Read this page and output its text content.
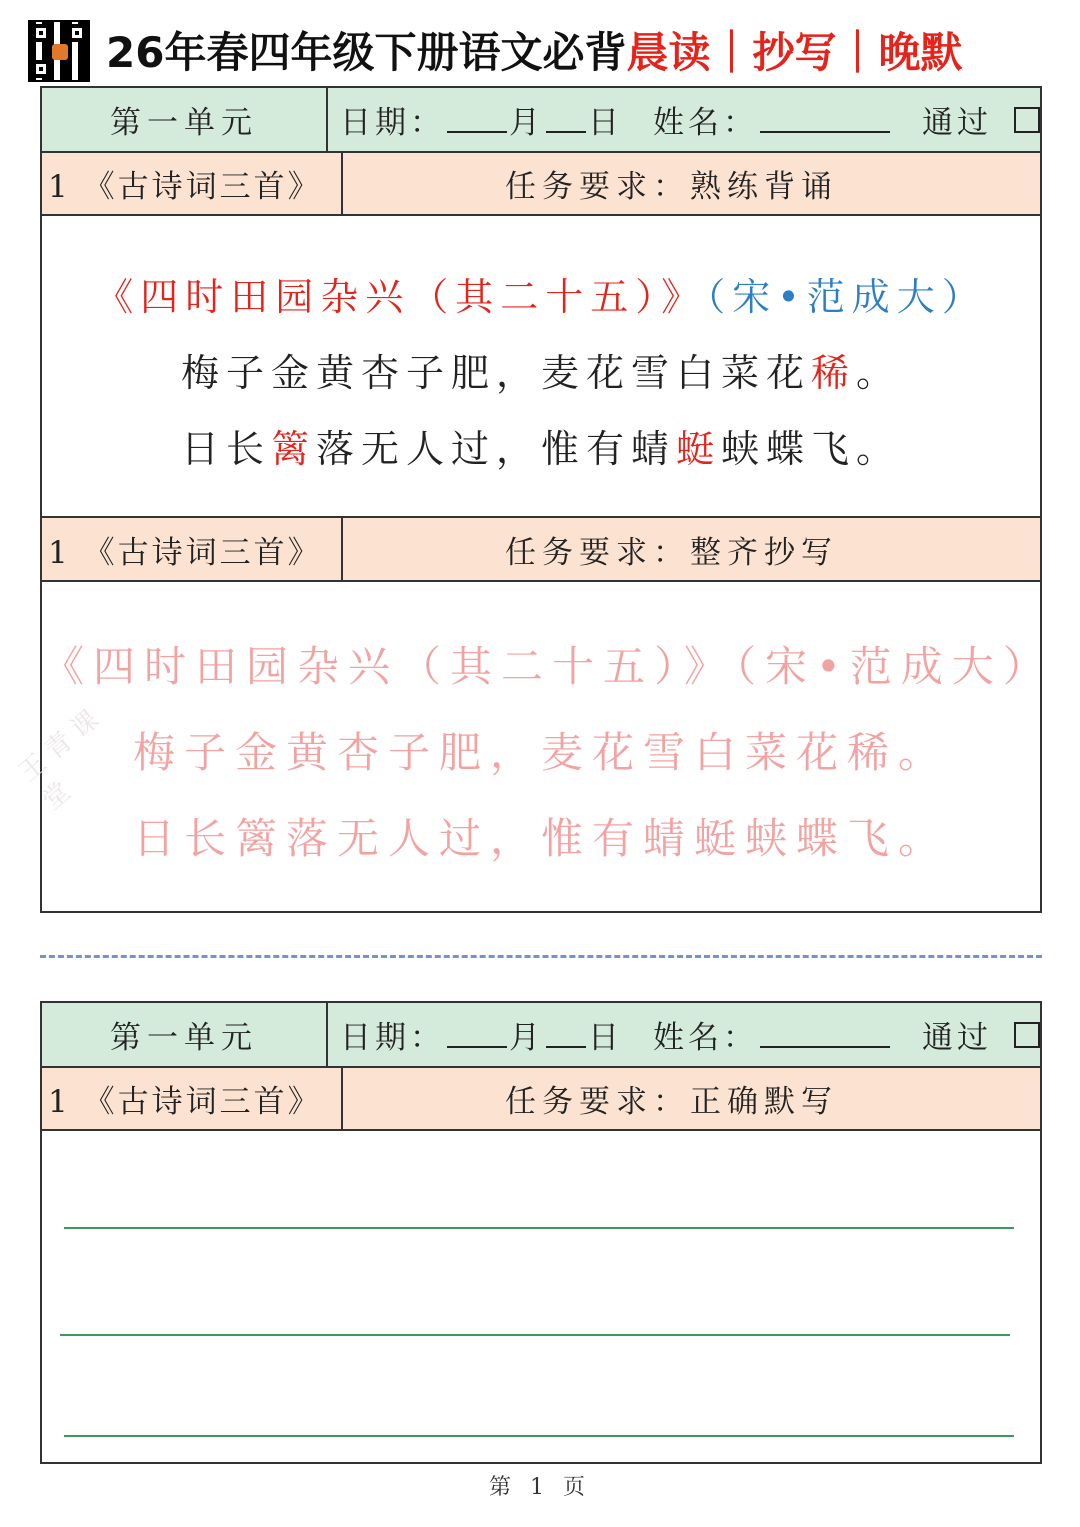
26年春四年级下册语文必背晨读｜抄写｜晚默
第一单元	日期： 月 日 姓名：	通过
1 《古诗词三首》	任务要求：熟练背诵
《四时田园杂兴（其二十五）》（宋•范成大）
梅子金黄杏子肥，麦花雪白菜花稀。
日长篱落无人过，惟有蜻蜓蛱蝶飞。
1 《古诗词三首》	任务要求：整齐抄写
《四时田园杂兴（其二十五）》（宋•范成大）
梅子金黄杏子肥，麦花雪白菜花稀。
日长篱落无人过，惟有蜻蜓蛱蝶飞。
王青课堂
第一单元	日期： 月 日 姓名：	通过
1 《古诗词三首》	任务要求：正确默写
第 1 页
